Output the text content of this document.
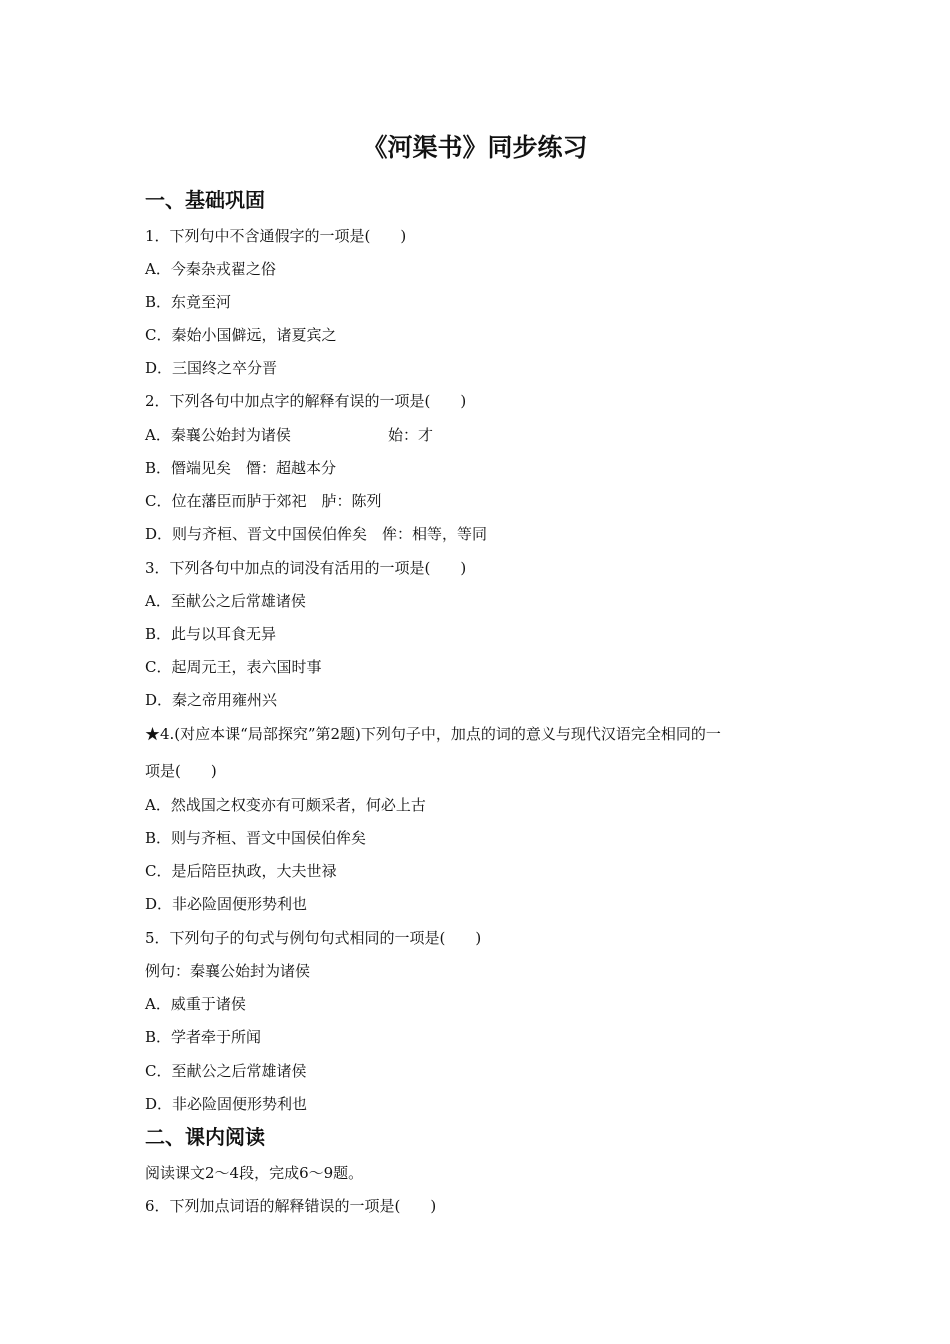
《河渠书》同步练习
一、基础巩固
1．下列句中不含通假字的一项是(　　)
A．今秦杂戎翟之俗
B．东竟至河
C．秦始小国僻远，诸夏宾之
D．三国终之卒分晋
2．下列各句中加点字的解释有误的一项是(　　)
A．秦襄公始封为诸侯	始：才
B．僭端见矣　僭：超越本分
C．位在藩臣而胪于郊祀　胪：陈列
D．则与齐桓、晋文中国侯伯侔矣　侔：相等，等同
3．下列各句中加点的词没有活用的一项是(　　)
A．至献公之后常雄诸侯
B．此与以耳食无异
C．起周元王，表六国时事
D．秦之帝用雍州兴
★4.(对应本课“局部探究”第2题)下列句子中，加点的词的意义与现代汉语完全相同的一
项是(　　)
A．然战国之权变亦有可颇采者，何必上古
B．则与齐桓、晋文中国侯伯侔矣
C．是后陪臣执政，大夫世禄
D．非必险固便形势利也
5．下列句子的句式与例句句式相同的一项是(　　)
例句：秦襄公始封为诸侯
A．威重于诸侯
B．学者牵于所闻
C．至献公之后常雄诸侯
D．非必险固便形势利也
二、课内阅读
阅读课文2～4段，完成6～9题。
6．下列加点词语的解释错误的一项是(　　)
